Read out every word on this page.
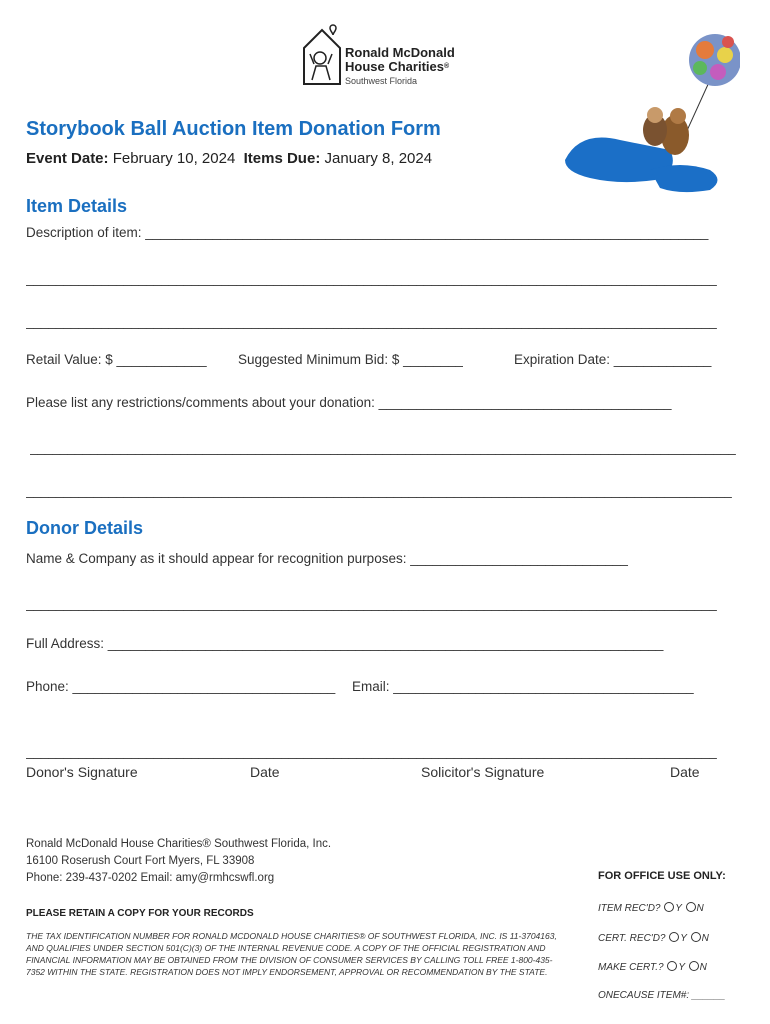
Ronald McDonald
House Charities®
Southwest Florida
Storybook Ball Auction Item Donation Form
Event Date: February 10, 2024 Items Due: January 8, 2024
Item Details
Description of item: ___________________________________________________________________________
____________________________________________________________________________________________
____________________________________________________________________________________________
Retail Value: $ ____________ Suggested Minimum Bid: $ ________	Expiration Date: _____________
Please list any restrictions/comments about your donation: _______________________________________
______________________________________________________________________________________________
______________________________________________________________________________________________
Donor Details
Name & Company as it should appear for recognition purposes: _____________________________
____________________________________________________________________________________________
Full Address: __________________________________________________________________________
Phone: ___________________________________	Email: ________________________________________
____________________________________________________________________________________________
Donor's Signature	Date	Solicitor's Signature	Date
Ronald McDonald House Charities® Southwest Florida, Inc.
16100 Roserush Court Fort Myers, FL 33908
Phone: 239-437-0202 Email: amy@rmhcswfl.org
PLEASE RETAIN A COPY FOR YOUR RECORDS
THE TAX IDENTIFICATION NUMBER FOR RONALD MCDONALD HOUSE CHARITIES® OF SOUTHWEST FLORIDA, INC. IS 11-3704163, AND QUALIFIES UNDER SECTION 501(C)(3) OF THE INTERNAL REVENUE CODE. A COPY OF THE OFFICIAL REGISTRATION AND FINANCIAL INFORMATION MAY BE OBTAINED FROM THE DIVISION OF CONSUMER SERVICES BY CALLING TOLL FREE 1-800-435-7352 WITHIN THE STATE. REGISTRATION DOES NOT IMPLY ENDORSEMENT, APPROVAL OR RECOMMENDATION BY THE STATE.
FOR OFFICE USE ONLY:
ITEM REC'D? Y N
CERT. REC'D? Y N
MAKE CERT.? Y N
ONECAUSE ITEM#: ______
